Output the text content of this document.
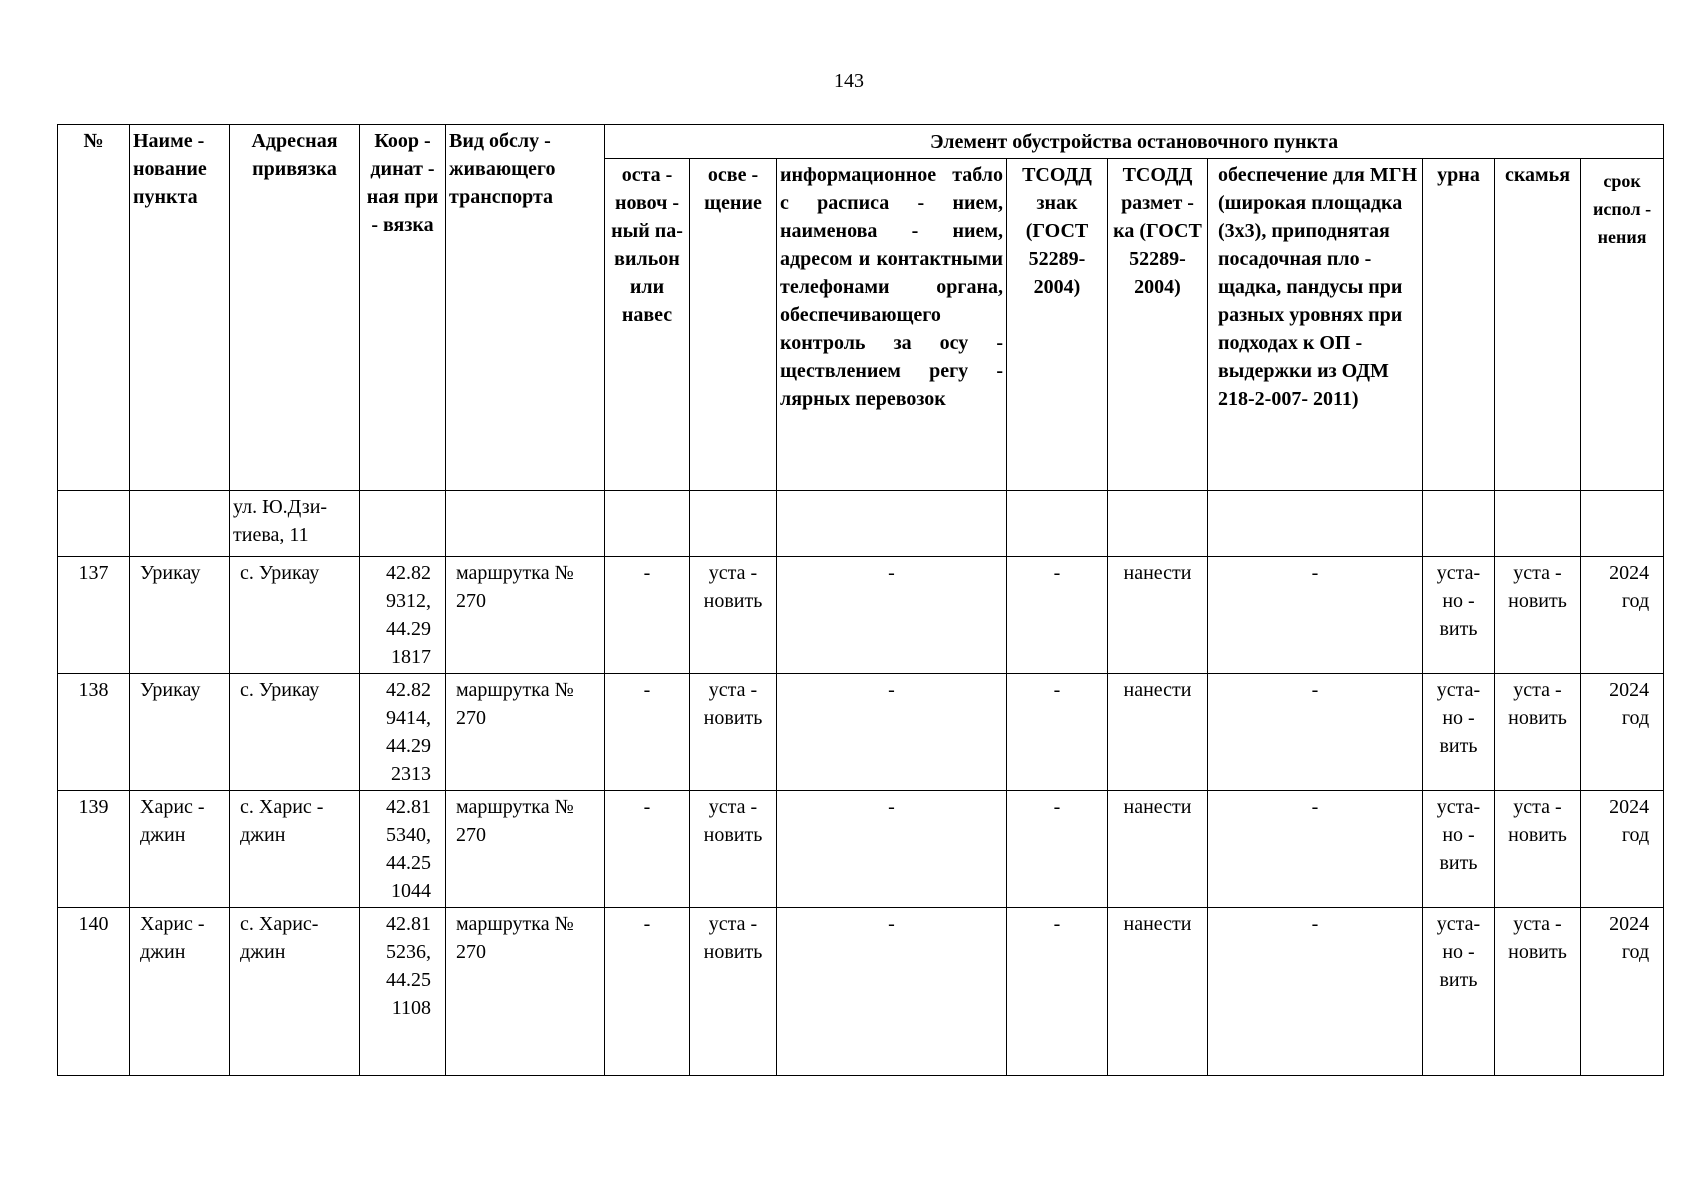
143
№	Наиме - нование пункта	Адресная привязка	Коор - динат - ная при - вязка	Вид обслу - живающего транспорта	Элемент обустройства остановочного пункта								
					оста - новоч - ный па- вильон или навес	осве - щение	информационное табло с расписа - нием, наименова - нием, адресом и контактными телефонами органа, обеспечивающего контроль за осу - ществлением регу - лярных перевозок	ТСОДД знак (ГОСТ 52289- 2004)	ТСОДД размет - ка (ГОСТ 52289- 2004)	обеспечение для МГН (широкая площадка (3х3), приподнятая посадочная пло - щадка, пандусы при разных уровнях при подходах к ОП - выдержки из ОДМ 218-2-007- 2011)	урна	скамья	срок испол - нения
		ул. Ю.Дзи- тиева, 11											
137	Урикау	с. Урикау	42.82 9312, 44.29 1817	маршрутка № 270	-	уста - новить	-	-	нанести	-	уста- но - вить	уста - новить	2024 год
138	Урикау	с. Урикау	42.82 9414, 44.29 2313	маршрутка № 270	-	уста - новить	-	-	нанести	-	уста- но - вить	уста - новить	2024 год
139	Харис - джин	с. Харис - джин	42.81 5340, 44.25 1044	маршрутка № 270	-	уста - новить	-	-	нанести	-	уста- но - вить	уста - новить	2024 год
140	Харис - джин	с. Харис- джин	42.81 5236, 44.25 1108	маршрутка № 270	-	уста - новить	-	-	нанести	-	уста- но - вить	уста - новить	2024 год
